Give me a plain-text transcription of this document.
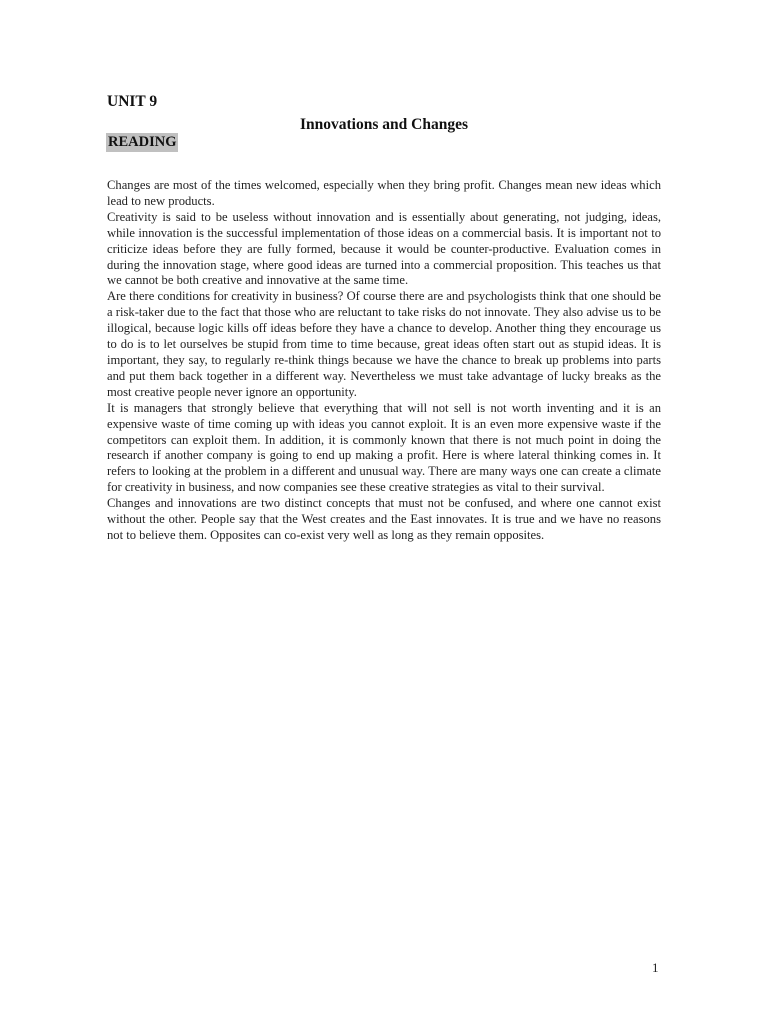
UNIT 9
Innovations and Changes
READING

Changes are most of the times welcomed, especially when they bring profit. Changes mean new ideas which lead to new products.

Creativity is said to be useless without innovation and is essentially about generating, not judging, ideas, while innovation is the successful implementation of those ideas on a commercial basis. It is important not to criticize ideas before they are fully formed, because it would be counter-productive. Evaluation comes in during the innovation stage, where good ideas are turned into a commercial proposition. This teaches us that we cannot be both creative and innovative at the same time.

Are there conditions for creativity in business? Of course there are and psychologists think that one should be a risk-taker due to the fact that those who are reluctant to take risks do not innovate. They also advise us to be illogical, because logic kills off ideas before they have a chance to develop. Another thing they encourage us to do is to let ourselves be stupid from time to time because, great ideas often start out as stupid ideas. It is important, they say, to regularly re-think things because we have the chance to break up problems into parts and put them back together in a different way. Nevertheless we must take advantage of lucky breaks as the most creative people never ignore an opportunity.

It is managers that strongly believe that everything that will not sell is not worth inventing and it is an expensive waste of time coming up with ideas you cannot exploit. It is an even more expensive waste if the competitors can exploit them. In addition, it is commonly known that there is not much point in doing the research if another company is going to end up making a profit. Here is where lateral thinking comes in. It refers to looking at the problem in a different and unusual way. There are many ways one can create a climate for creativity in business, and now companies see these creative strategies as vital to their survival.

Changes and innovations are two distinct concepts that must not be confused, and where one cannot exist without the other. People say that the West creates and the East innovates. It is true and we have no reasons not to believe them. Opposites can co-exist very well as long as they remain opposites.

1
